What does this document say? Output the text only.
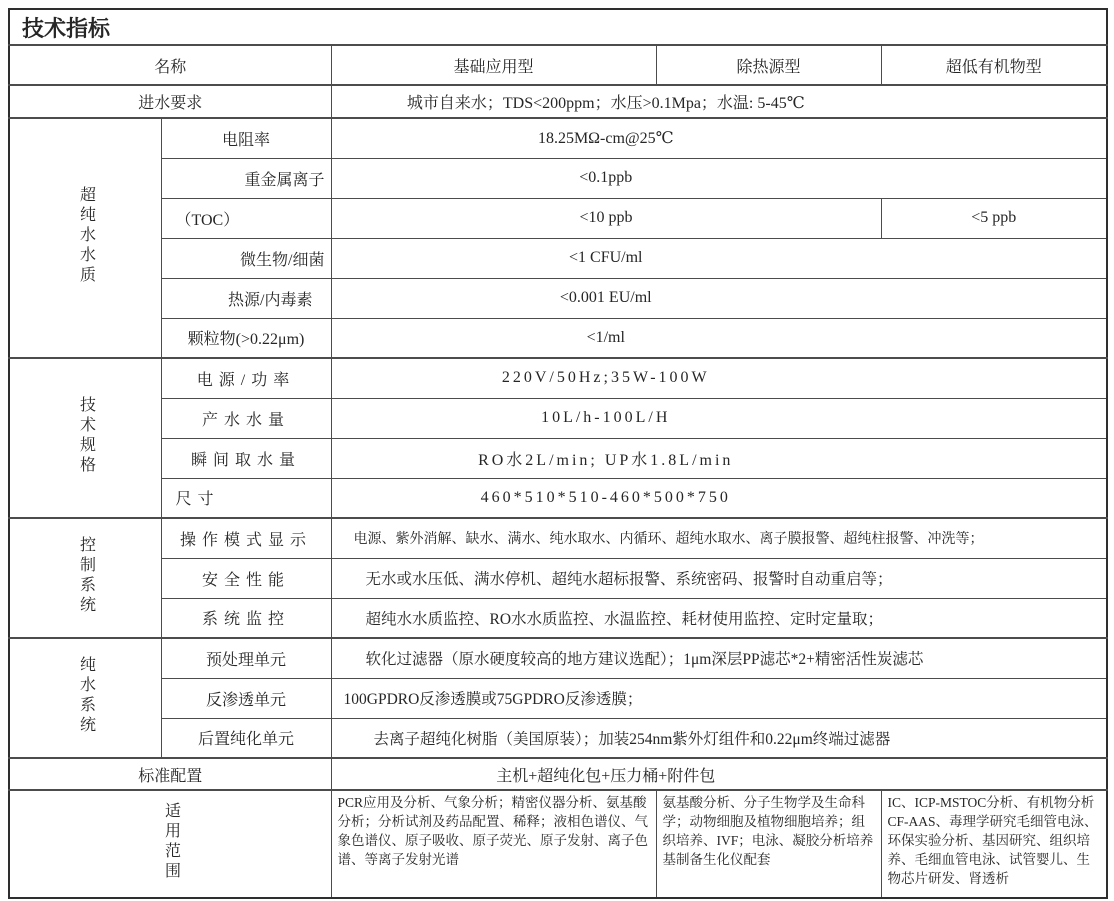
技术指标				
名称		基础应用型	除热源型	超低有机物型
进水要求		城市自来水；TDS<200ppm；水压>0.1Mpa；水温: 5-45℃		
超纯水水质	电阻率	18.25MΩ-cm@25℃		
	重金属离子	<0.1ppb		
	（TOC）	<10 ppb		<5 ppb
	微生物/细菌	<1 CFU/ml		
	热源/内毒素	<0.001 EU/ml		
	颗粒物(>0.22μm)	<1/ml		
技术规格	电源/功率	220V/50Hz;35W-100W		
	产水水量	10L/h-100L/H		
	瞬间取水量	RO水2L/min; UP水1.8L/min		
	尺寸	460*510*510-460*500*750		
控制系统	操作模式显示	电源、紫外消解、缺水、满水、纯水取水、内循环、超纯水取水、离子膜报警、超纯柱报警、冲洗等；		
	安全性能	无水或水压低、满水停机、超纯水超标报警、系统密码、报警时自动重启等；		
	系统监控	超纯水水质监控、RO水水质监控、水温监控、耗材使用监控、定时定量取；		
纯水系统	预处理单元	软化过滤器（原水硬度较高的地方建议选配）；1μm深层PP滤芯*2+精密活性炭滤芯		
	反渗透单元	100GPDRO反渗透膜或75GPDRO反渗透膜；		
	后置纯化单元	去离子超纯化树脂（美国原装）；加装254nm紫外灯组件和0.22μm终端过滤器		
标准配置		主机+超纯化包+压力桶+附件包		
适用范围		PCR应用及分析、气象分析；精密仪器分析、氨基酸分析；分析试剂及药品配置、稀释；液相色谱仪、气象色谱仪、原子吸收、原子荧光、原子发射、离子色谱、等离子发射光谱	氨基酸分析、分子生物学及生命科学；动物细胞及植物细胞培养；组织培养、IVF；电泳、凝胶分析培养基制备生化仪配套	IC、ICP-MSTOC分析、有机物分析CF-AAS、毒理学研究毛细管电泳、环保实验分析、基因研究、组织培养、毛细血管电泳、试管婴儿、生物芯片研发、肾透析
